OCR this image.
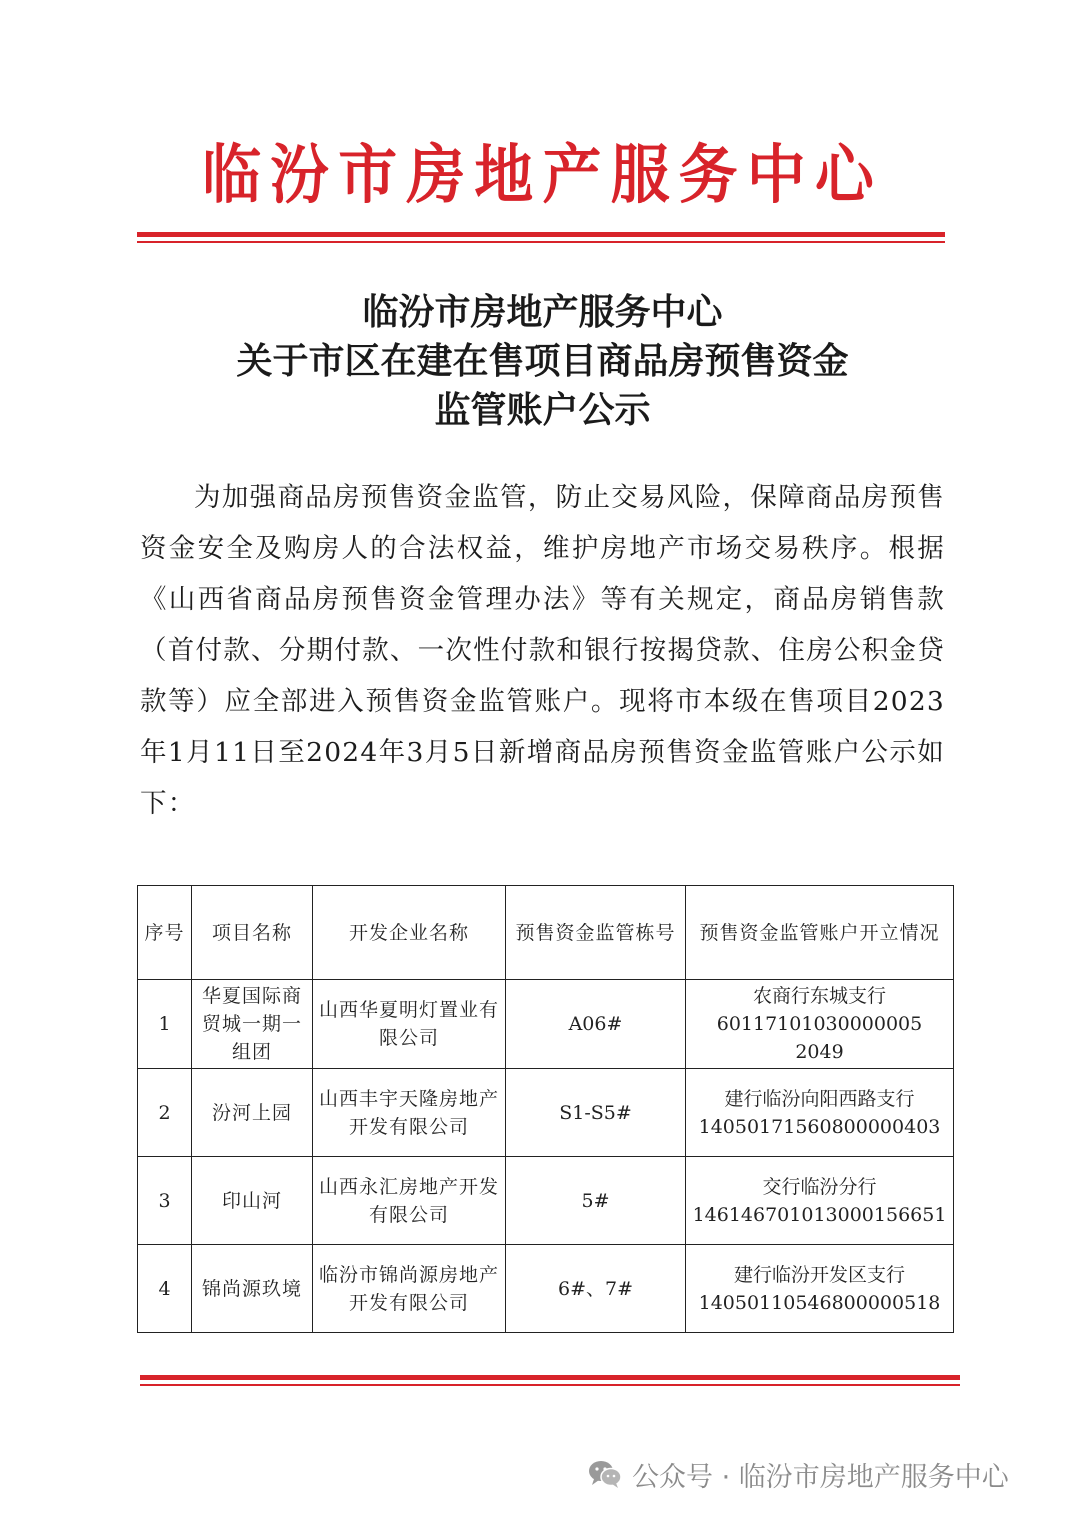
临汾市房地产服务中心
临汾市房地产服务中心
关于市区在建在售项目商品房预售资金
监管账户公示
为加强商品房预售资金监管，防止交易风险，保障商品房预售资金安全及购房人的合法权益，维护房地产市场交易秩序。根据《山西省商品房预售资金管理办法》等有关规定，商品房销售款（首付款、分期付款、一次性付款和银行按揭贷款、住房公积金贷款等）应全部进入预售资金监管账户。现将市本级在售项目2023年1月11日至2024年3月5日新增商品房预售资金监管账户公示如下：
序号	项目名称	开发企业名称	预售资金监管栋号	预售资金监管账户开立情况
1	华夏国际商贸城一期一组团	山西华夏明灯置业有限公司	A06#	农商行东城支行
60117101030000005 2049

2	汾河上园	山西丰宇天隆房地产开发有限公司	S1-S5#	建行临汾向阳西路支行
14050171560800000403

3	印山河	山西永汇房地产开发有限公司	5#	交行临汾分行
146146701013000156651

4	锦尚源玖境	临汾市锦尚源房地产开发有限公司	6#、7#	建行临汾开发区支行
14050110546800000518
公众号 · 临汾市房地产服务中心
